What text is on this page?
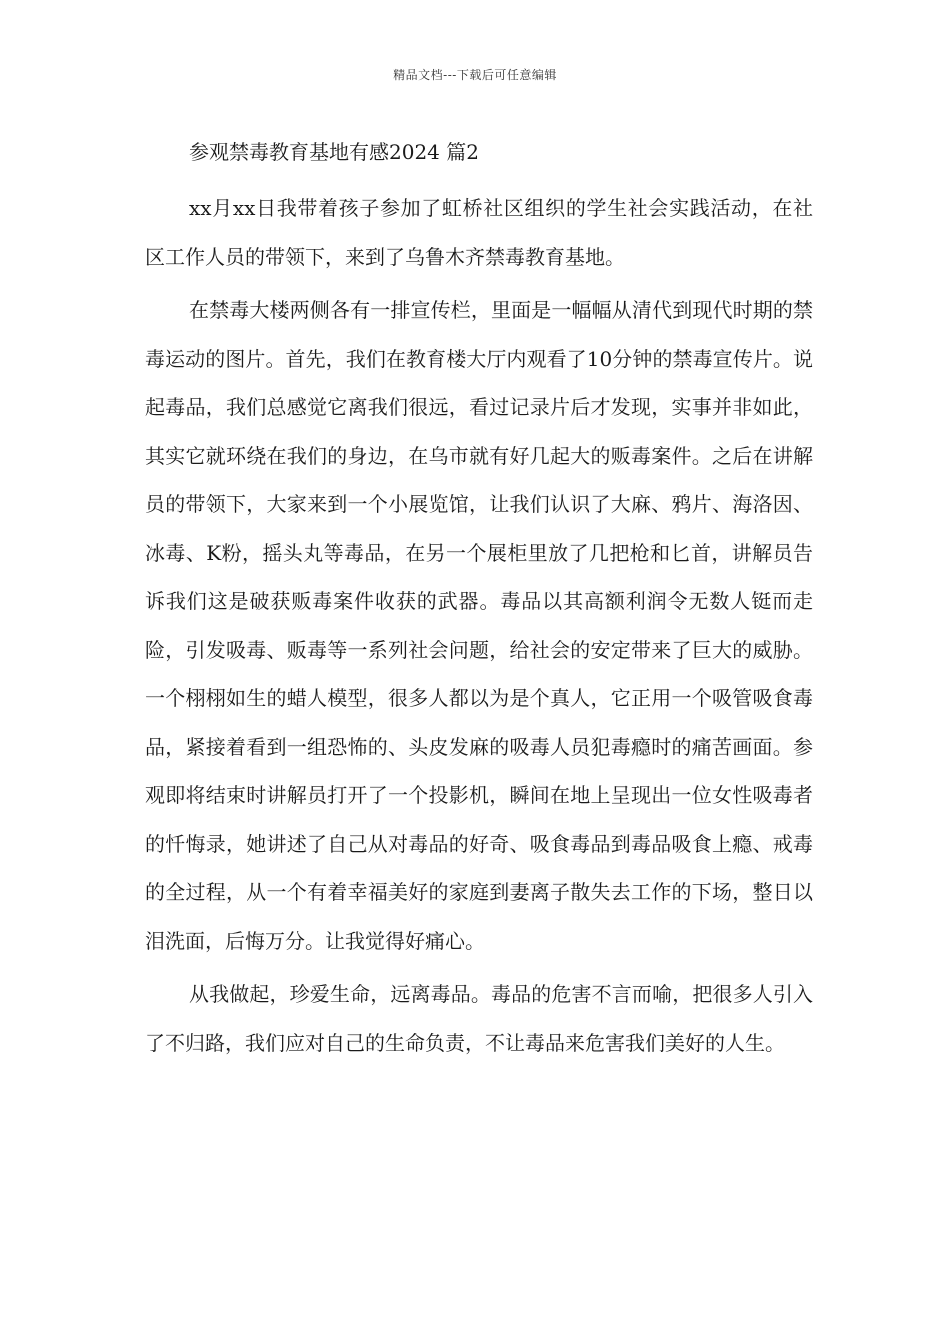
精品文档---下载后可任意编辑
参观禁毒教育基地有感2024 篇2

xx月xx日我带着孩子参加了虹桥社区组织的学生社会实践活动，在社区工作人员的带领下，来到了乌鲁木齐禁毒教育基地。

在禁毒大楼两侧各有一排宣传栏，里面是一幅幅从清代到现代时期的禁毒运动的图片。首先，我们在教育楼大厅内观看了10分钟的禁毒宣传片。说起毒品，我们总感觉它离我们很远，看过记录片后才发现，实事并非如此，其实它就环绕在我们的身边，在乌市就有好几起大的贩毒案件。之后在讲解员的带领下，大家来到一个小展览馆，让我们认识了大麻、鸦片、海洛因、冰毒、K粉，摇头丸等毒品，在另一个展柜里放了几把枪和匕首，讲解员告诉我们这是破获贩毒案件收获的武器。毒品以其高额利润令无数人铤而走险，引发吸毒、贩毒等一系列社会问题，给社会的安定带来了巨大的威胁。一个栩栩如生的蜡人模型，很多人都以为是个真人，它正用一个吸管吸食毒品，紧接着看到一组恐怖的、头皮发麻的吸毒人员犯毒瘾时的痛苦画面。参观即将结束时讲解员打开了一个投影机，瞬间在地上呈现出一位女性吸毒者的忏悔录，她讲述了自己从对毒品的好奇、吸食毒品到毒品吸食上瘾、戒毒的全过程，从一个有着幸福美好的家庭到妻离子散失去工作的下场，整日以泪洗面，后悔万分。让我觉得好痛心。

从我做起，珍爱生命，远离毒品。毒品的危害不言而喻，把很多人引入了不归路，我们应对自己的生命负责，不让毒品来危害我们美好的人生。
